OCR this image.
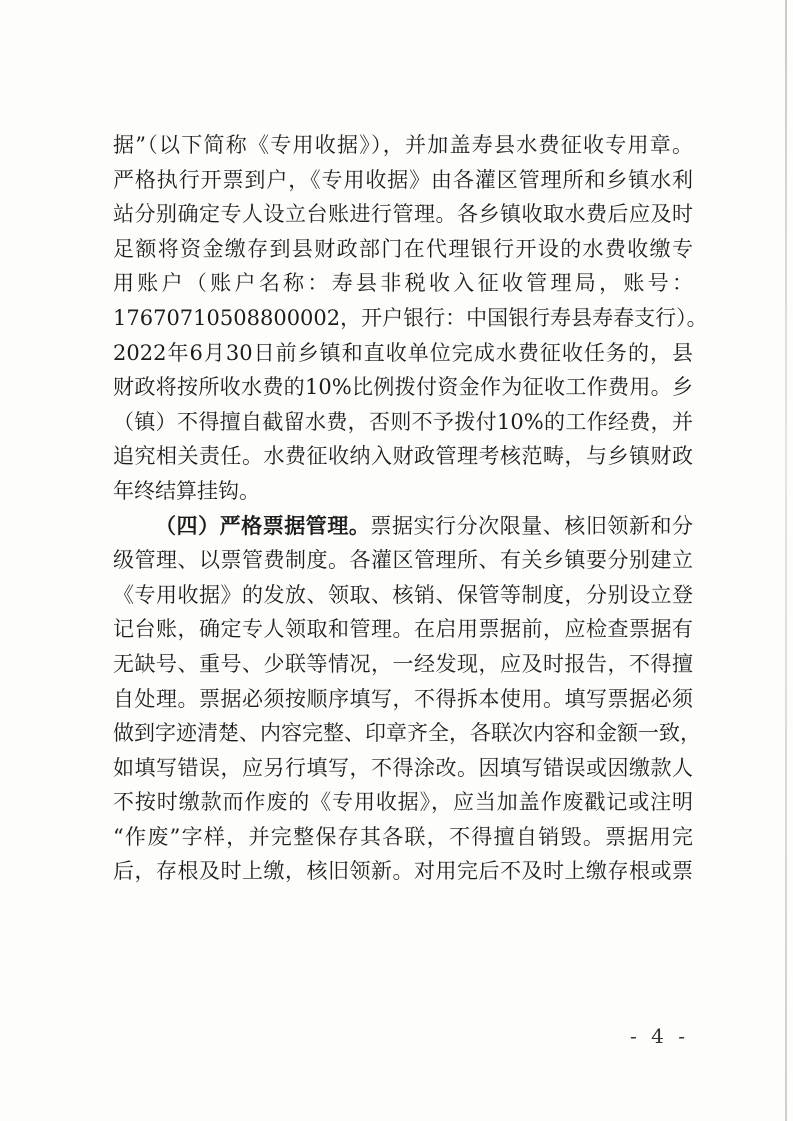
据”（以下简称《专用收据》），并加盖寿县水费征收专用章。
严格执行开票到户，《专用收据》由各灌区管理所和乡镇水利
站分别确定专人设立台账进行管理。各乡镇收取水费后应及时
足额将资金缴存到县财政部门在代理银行开设的水费收缴专
用账户（账户名称：寿县非税收入征收管理局，账号：
17670710508800002，开户银行：中国银行寿县寿春支行）。
2022年6月30日前乡镇和直收单位完成水费征收任务的，县
财政将按所收水费的10%比例拨付资金作为征收工作费用。乡
（镇）不得擅自截留水费，否则不予拨付10%的工作经费，并
追究相关责任。水费征收纳入财政管理考核范畴，与乡镇财政
年终结算挂钩。
（四）严格票据管理。票据实行分次限量、核旧领新和分
级管理、以票管费制度。各灌区管理所、有关乡镇要分别建立
《专用收据》的发放、领取、核销、保管等制度，分别设立登
记台账，确定专人领取和管理。在启用票据前，应检查票据有
无缺号、重号、少联等情况，一经发现，应及时报告，不得擅
自处理。票据必须按顺序填写，不得拆本使用。填写票据必须
做到字迹清楚、内容完整、印章齐全，各联次内容和金额一致，
如填写错误，应另行填写，不得涂改。因填写错误或因缴款人
不按时缴款而作废的《专用收据》，应当加盖作废戳记或注明
“作废”字样，并完整保存其各联，不得擅自销毁。票据用完
后，存根及时上缴，核旧领新。对用完后不及时上缴存根或票
- 4 -
